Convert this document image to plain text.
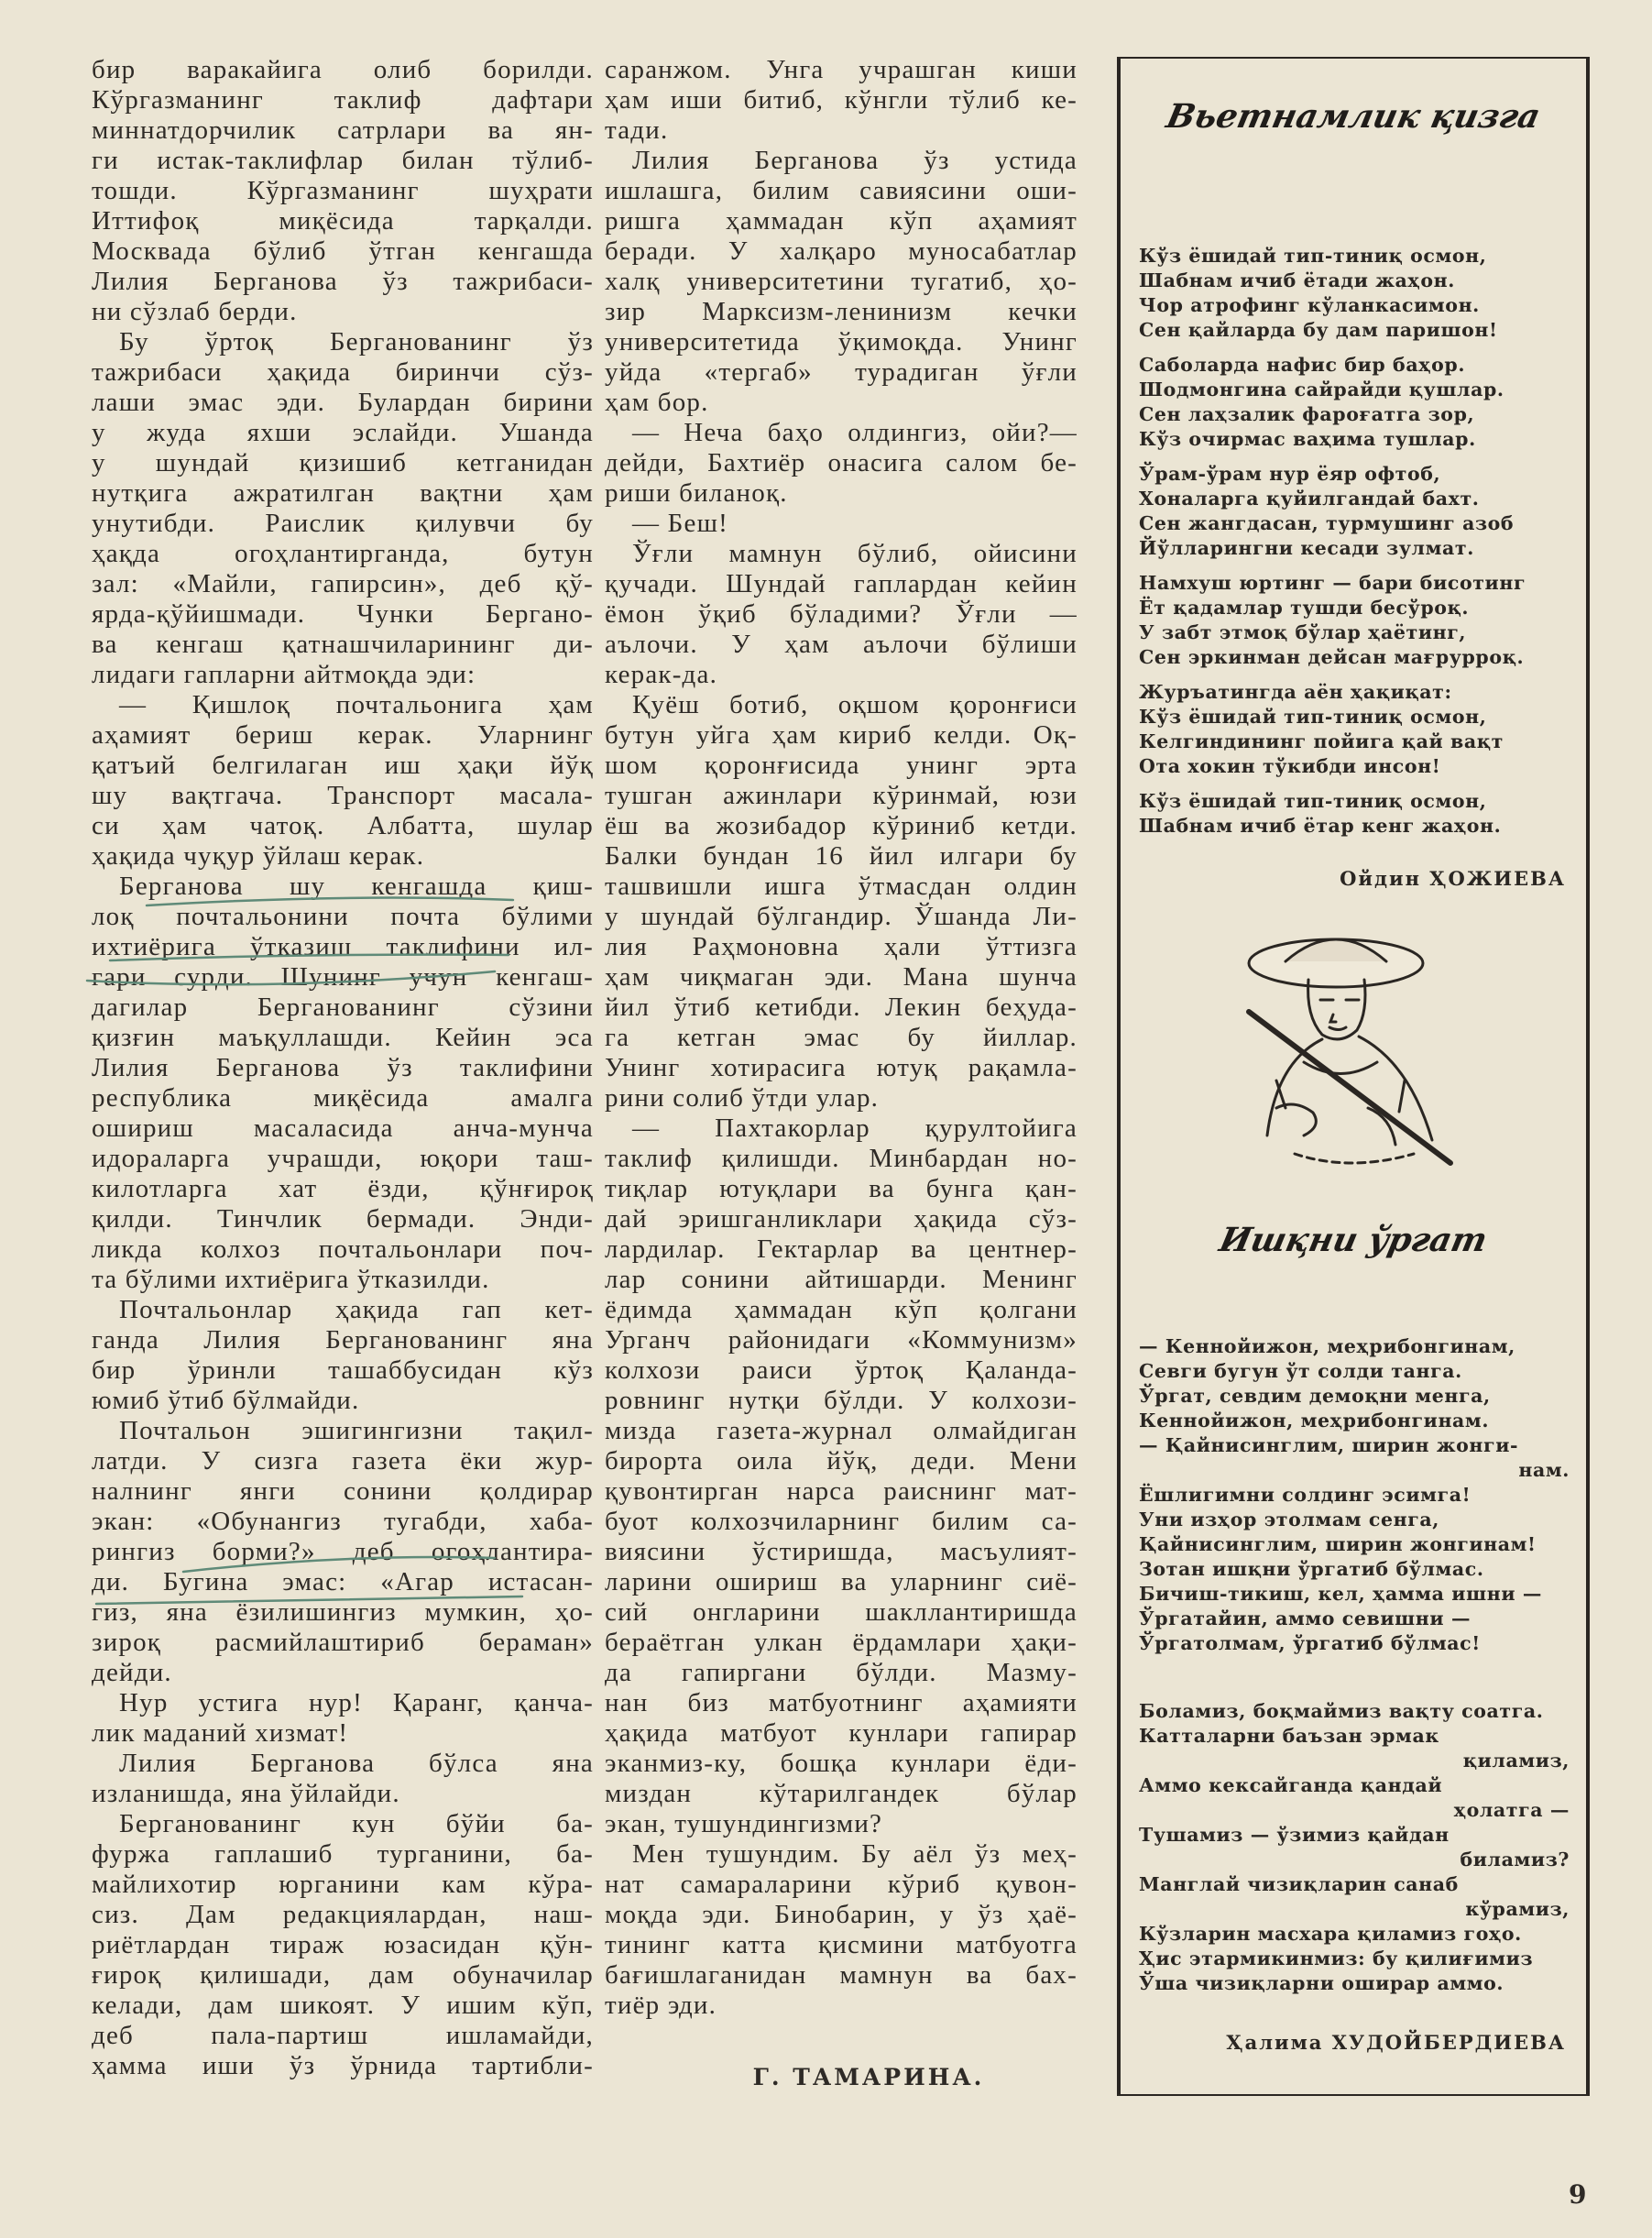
бир варакайига олиб борилди.
Кўргазманинг таклиф дафтари
миннатдорчилик сатрлари ва ян-
ги истак-таклифлар билан тўлиб-
тошди. Кўргазманинг шуҳрати
Иттифоқ миқёсида тарқалди.
Москвада бўлиб ўтган кенгашда
Лилия Берганова ўз тажрибаси-
ни сўзлаб берди.
Бу ўртоқ Берганованинг ўз
тажрибаси ҳақида биринчи сўз-
лаши эмас эди. Булардан бирини
у жуда яхши эслайди. Ушанда
у шундай қизишиб кетганидан
нутқига ажратилган вақтни ҳам
унутибди. Раислик қилувчи бу
ҳақда огоҳлантирганда, бутун
зал: «Майли, гапирсин», деб қў-
ярда-қўйишмади. Чунки Бергано-
ва кенгаш қатнашчиларининг ди-
лидаги гапларни айтмоқда эди:
— Қишлоқ почтальонига ҳам
аҳамият бериш керак. Уларнинг
қатъий белгилаган иш ҳақи йўқ
шу вақтгача. Транспорт масала-
си ҳам чатоқ. Албатта, шулар
ҳақида чуқур ўйлаш керак.
Берганова шу кенгашда қиш-
лоқ почтальонини почта бўлими
ихтиёрига ўтказиш таклифини ил-
гари сурди. Шунинг учун кенгаш-
дагилар Берганованинг сўзини
қизғин маъқуллашди. Кейин эса
Лилия Берганова ўз таклифини
республика миқёсида амалга
ошириш масаласида анча-мунча
идораларга учрашди, юқори таш-
килотларга хат ёзди, қўнғироқ
қилди. Тинчлик бермади. Энди-
ликда колхоз почтальонлари поч-
та бўлими ихтиёрига ўтказилди.
Почтальонлар ҳақида гап кет-
ганда Лилия Берганованинг яна
бир ўринли ташаббусидан кўз
юмиб ўтиб бўлмайди.
Почтальон эшигингизни тақил-
латди. У сизга газета ёки жур-
налнинг янги сонини қолдирар
экан: «Обунангиз тугабди, хаба-
рингиз борми?» деб огоҳлантира-
ди. Бугина эмас: «Агар истасан-
гиз, яна ёзилишингиз мумкин, ҳо-
зироқ расмийлаштириб бераман»
дейди.
Нур устига нур! Қаранг, қанча-
лик маданий хизмат!
Лилия Берганова бўлса яна
изланишда, яна ўйлайди.
Берганованинг кун бўйи ба-
фуржа гаплашиб турганини, ба-
майлихотир юрганини кам кўра-
сиз. Дам редакциялардан, наш-
риётлардан тираж юзасидан қўн-
ғироқ қилишади, дам обуначилар
келади, дам шикоят. У ишим кўп,
деб пала-партиш ишламайди,
ҳамма иши ўз ўрнида тартибли-
саранжом. Унга учрашган киши
ҳам иши битиб, кўнгли тўлиб ке-
тади.
Лилия Берганова ўз устида
ишлашга, билим савиясини оши-
ришга ҳаммадан кўп аҳамият
беради. У халқаро муносабатлар
халқ университетини тугатиб, ҳо-
зир Марксизм-ленинизм кечки
университетида ўқимоқда. Унинг
уйда «тергаб» турадиган ўғли
ҳам бор.
— Неча баҳо олдингиз, ойи?—
дейди, Бахтиёр онасига салом бе-
риши биланоқ.
— Беш!
Ўғли мамнун бўлиб, ойисини
қучади. Шундай гаплардан кейин
ёмон ўқиб бўладими? Ўғли —
аълочи. У ҳам аълочи бўлиши
керак-да.
Қуёш ботиб, оқшом қоронғиси
бутун уйга ҳам кириб келди. Оқ-
шом қоронғисида унинг эрта
тушган ажинлари кўринмай, юзи
ёш ва жозибадор кўриниб кетди.
Балки бундан 16 йил илгари бу
ташвишли ишга ўтмасдан олдин
у шундай бўлгандир. Ўшанда Ли-
лия Раҳмоновна ҳали ўттизга
ҳам чиқмаган эди. Мана шунча
йил ўтиб кетибди. Лекин беҳуда-
га кетган эмас бу йиллар.
Унинг хотирасига ютуқ рақамла-
рини солиб ўтди улар.
— Пахтакорлар қурултойига
таклиф қилишди. Минбардан но-
тиқлар ютуқлари ва бунга қан-
дай эришганликлари ҳақида сўз-
лардилар. Гектарлар ва центнер-
лар сонини айтишарди. Менинг
ёдимда ҳаммадан кўп қолгани
Урганч районидаги «Коммунизм»
колхози раиси ўртоқ Қаланда-
ровнинг нутқи бўлди. У колхози-
мизда газета-журнал олмайдиган
бирорта оила йўқ, деди. Мени
қувонтирган нарса раиснинг мат-
буот колхозчиларнинг билим са-
виясини ўстиришда, масъулият-
ларини ошириш ва уларнинг сиё-
сий онгларини шакллантиришда
бераётган улкан ёрдамлари ҳақи-
да гапиргани бўлди. Мазму-
нан биз матбуотнинг аҳамияти
ҳақида матбуот кунлари гапирар
эканмиз-ку, бошқа кунлари ёди-
миздан кўтарилгандек бўлар
экан, тушундингизми?
Мен тушундим. Бу аёл ўз меҳ-
нат самараларини кўриб қувон-
моқда эди. Бинобарин, у ўз ҳаё-
тининг катта қисмини матбуотга
бағишлаганидан мамнун ва бах-
тиёр эди.
Г. ТАМАРИНА.
Вьетнамлик қизга
Кўз ёшидай тип-тиниқ осмон,
Шабнам ичиб ётади жаҳон.
Чор атрофинг кўланкасимон.
Сен қайларда бу дам паришон!
Саболарда нафис бир баҳор.
Шодмонгина сайрайди қушлар.
Сен лаҳзалик фароғатга зор,
Кўз очирмас ваҳима тушлар.
Ўрам-ўрам нур ёяр офтоб,
Хоналарга қуйилгандай бахт.
Сен жангдасан, турмушинг азоб
Йўлларингни кесади зулмат.
Намхуш юртинг — бари бисотинг
Ёт қадамлар тушди бесўроқ.
У забт этмоқ бўлар ҳаётинг,
Сен эркинман дейсан мағрурроқ.
Журъатингда аён ҳақиқат:
Кўз ёшидай тип-тиниқ осмон,
Келгиндининг пойига қай вақт
Ота хокин тўкибди инсон!
Кўз ёшидай тип-тиниқ осмон,
Шабнам ичиб ётар кенг жаҳон.
Ойдин ҲОЖИЕВА
Ишқни ўргат
— Кеннойижон, меҳрибонгинам,
Севги бугун ўт солди танга.
Ўргат, севдим демоқни менга,
Кеннойижон, меҳрибонгинам.
— Қайнисинглим, ширин жонги-
нам.
Ёшлигимни солдинг эсимга!
Уни изҳор этолмам сенга,
Қайнисинглим, ширин жонгинам!
Зотан ишқни ўргатиб бўлмас.
Бичиш-тикиш, кел, ҳамма ишни —
Ўргатайин, аммо севишни —
Ўргатолмам, ўргатиб бўлмас!
Боламиз, боқмаймиз вақту соатга.
Катталарни баъзан эрмак
қиламиз,
Аммо кексайганда қандай
ҳолатга —
Тушамиз — ўзимиз қайдан
биламиз?
Манглай чизиқларин санаб
кўрамиз,
Кўзларин масхара қиламиз гоҳо.
Ҳис этармикинмиз: бу қилиғимиз
Ўша чизиқларни оширар аммо.
Ҳалима ХУДОЙБЕРДИЕВА
9
